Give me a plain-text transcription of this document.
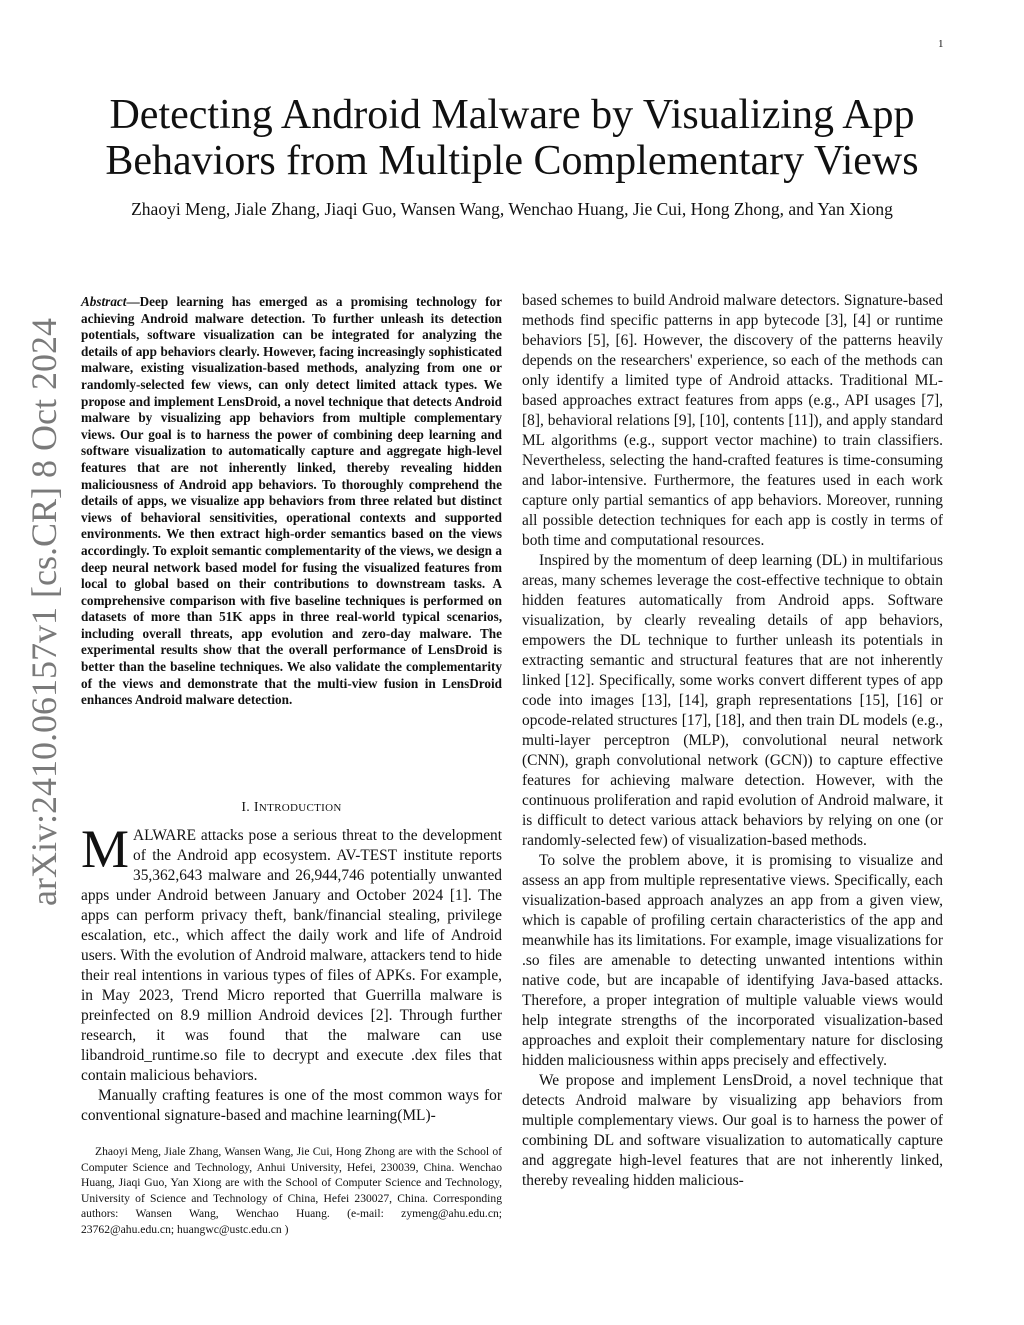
1
arXiv:2410.06157v1 [cs.CR] 8 Oct 2024
Detecting Android Malware by Visualizing App Behaviors from Multiple Complementary Views
Zhaoyi Meng, Jiale Zhang, Jiaqi Guo, Wansen Wang, Wenchao Huang, Jie Cui, Hong Zhong, and Yan Xiong
Abstract—Deep learning has emerged as a promising technology for achieving Android malware detection. To further unleash its detection potentials, software visualization can be integrated for analyzing the details of app behaviors clearly. However, facing increasingly sophisticated malware, existing visualization-based methods, analyzing from one or randomly-selected few views, can only detect limited attack types. We propose and implement LensDroid, a novel technique that detects Android malware by visualizing app behaviors from multiple complementary views. Our goal is to harness the power of combining deep learning and software visualization to automatically capture and aggregate high-level features that are not inherently linked, thereby revealing hidden maliciousness of Android app behaviors. To thoroughly comprehend the details of apps, we visualize app behaviors from three related but distinct views of behavioral sensitivities, operational contexts and supported environments. We then extract high-order semantics based on the views accordingly. To exploit semantic complementarity of the views, we design a deep neural network based model for fusing the visualized features from local to global based on their contributions to downstream tasks. A comprehensive comparison with five baseline techniques is performed on datasets of more than 51K apps in three real-world typical scenarios, including overall threats, app evolution and zero-day malware. The experimental results show that the overall performance of LensDroid is better than the baseline techniques. We also validate the complementarity of the views and demonstrate that the multi-view fusion in LensDroid enhances Android malware detection.
I. INTRODUCTION

MALWARE attacks pose a serious threat to the development of the Android app ecosystem. AV-TEST institute reports 35,362,643 malware and 26,944,746 potentially unwanted apps under Android between January and October 2024 [1]. The apps can perform privacy theft, bank/financial stealing, privilege escalation, etc., which affect the daily work and life of Android users. With the evolution of Android malware, attackers tend to hide their real intentions in various types of files of APKs. For example, in May 2023, Trend Micro reported that Guerrilla malware is preinfected on 8.9 million Android devices [2]. Through further research, it was found that the malware can use libandroid_runtime.so file to decrypt and execute .dex files that contain malicious behaviors.

Manually crafting features is one of the most common ways for conventional signature-based and machine learning(ML)-

Zhaoyi Meng, Jiale Zhang, Wansen Wang, Jie Cui, Hong Zhong are with the School of Computer Science and Technology, Anhui University, Hefei, 230039, China. Wenchao Huang, Jiaqi Guo, Yan Xiong are with the School of Computer Science and Technology, University of Science and Technology of China, Hefei 230027, China. Corresponding authors: Wansen Wang, Wenchao Huang. (e-mail: zymeng@ahu.edu.cn; 23762@ahu.edu.cn; huangwc@ustc.edu.cn )

based schemes to build Android malware detectors. Signature-based methods find specific patterns in app bytecode [3], [4] or runtime behaviors [5], [6]. However, the discovery of the patterns heavily depends on the researchers' experience, so each of the methods can only identify a limited type of Android attacks. Traditional ML-based approaches extract features from apps (e.g., API usages [7], [8], behavioral relations [9], [10], contents [11]), and apply standard ML algorithms (e.g., support vector machine) to train classifiers. Nevertheless, selecting the hand-crafted features is time-consuming and labor-intensive. Furthermore, the features used in each work capture only partial semantics of app behaviors. Moreover, running all possible detection techniques for each app is costly in terms of both time and computational resources.

Inspired by the momentum of deep learning (DL) in multifarious areas, many schemes leverage the cost-effective technique to obtain hidden features automatically from Android apps. Software visualization, by clearly revealing details of app behaviors, empowers the DL technique to further unleash its potentials in extracting semantic and structural features that are not inherently linked [12]. Specifically, some works convert different types of app code into images [13], [14], graph representations [15], [16] or opcode-related structures [17], [18], and then train DL models (e.g., multi-layer perceptron (MLP), convolutional neural network (CNN), graph convolutional network (GCN)) to capture effective features for achieving malware detection. However, with the continuous proliferation and rapid evolution of Android malware, it is difficult to detect various attack behaviors by relying on one (or randomly-selected few) of visualization-based methods.

To solve the problem above, it is promising to visualize and assess an app from multiple representative views. Specifically, each visualization-based approach analyzes an app from a given view, which is capable of profiling certain characteristics of the app and meanwhile has its limitations. For example, image visualizations for .so files are amenable to detecting unwanted intentions within native code, but are incapable of identifying Java-based attacks. Therefore, a proper integration of multiple valuable views would help integrate strengths of the incorporated visualization-based approaches and exploit their complementary nature for disclosing hidden maliciousness within apps precisely and effectively.

We propose and implement LensDroid, a novel technique that detects Android malware by visualizing app behaviors from multiple complementary views. Our goal is to harness the power of combining DL and software visualization to automatically capture and aggregate high-level features that are not inherently linked, thereby revealing hidden malicious-
